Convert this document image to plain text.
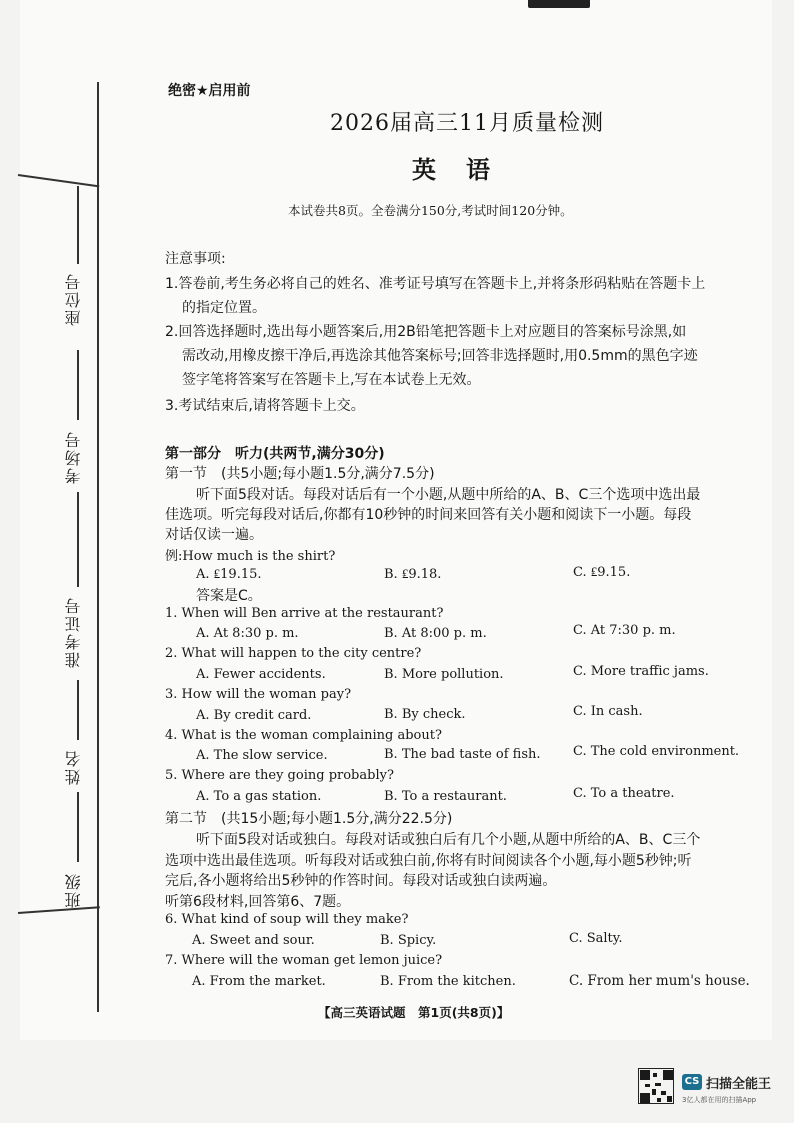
座位号
考场号
准考证号
姓名
班级
绝密★启用前
2026届高三11月质量检测
英语
本试卷共8页。全卷满分150分,考试时间120分钟。
注意事项:
1.答卷前,考生务必将自己的姓名、准考证号填写在答题卡上,并将条形码粘贴在答题卡上
的指定位置。
2.回答选择题时,选出每小题答案后,用2B铅笔把答题卡上对应题目的答案标号涂黑,如
需改动,用橡皮擦干净后,再选涂其他答案标号;回答非选择题时,用0.5mm的黑色字迹
签字笔将答案写在答题卡上,写在本试卷上无效。
3.考试结束后,请将答题卡上交。
第一部分　听力(共两节,满分30分)
第一节　(共5小题;每小题1.5分,满分7.5分)
听下面5段对话。每段对话后有一个小题,从题中所给的A、B、C三个选项中选出最
佳选项。听完每段对话后,你都有10秒钟的时间来回答有关小题和阅读下一小题。每段
对话仅读一遍。
例:How much is the shirt?
A. ₤19.15.	B. ₤9.18.	C. ₤9.15.
答案是C。
1. When will Ben arrive at the restaurant?
A. At 8:30 p. m.	B. At 8:00 p. m.	C. At 7:30 p. m.
2. What will happen to the city centre?
A. Fewer accidents.	B. More pollution.	C. More traffic jams.
3. How will the woman pay?
A. By credit card.	B. By check.	C. In cash.
4. What is the woman complaining about?
A. The slow service.	B. The bad taste of fish. C. The cold environment.
5. Where are they going probably?
A. To a gas station.	B. To a restaurant.	C. To a theatre.
第二节　(共15小题;每小题1.5分,满分22.5分)
听下面5段对话或独白。每段对话或独白后有几个小题,从题中所给的A、B、C三个
选项中选出最佳选项。听每段对话或独白前,你将有时间阅读各个小题,每小题5秒钟;听
完后,各小题将给出5秒钟的作答时间。每段对话或独白读两遍。
听第6段材料,回答第6、7题。
6. What kind of soup will they make?
A. Sweet and sour.	B. Spicy.	C. Salty.
7. Where will the woman get lemon juice?
A. From the market.	B. From the kitchen.	C. From her mum's house.
【高三英语试题　第1页(共8页)】
CS 扫描全能王
3亿人都在用的扫描App
